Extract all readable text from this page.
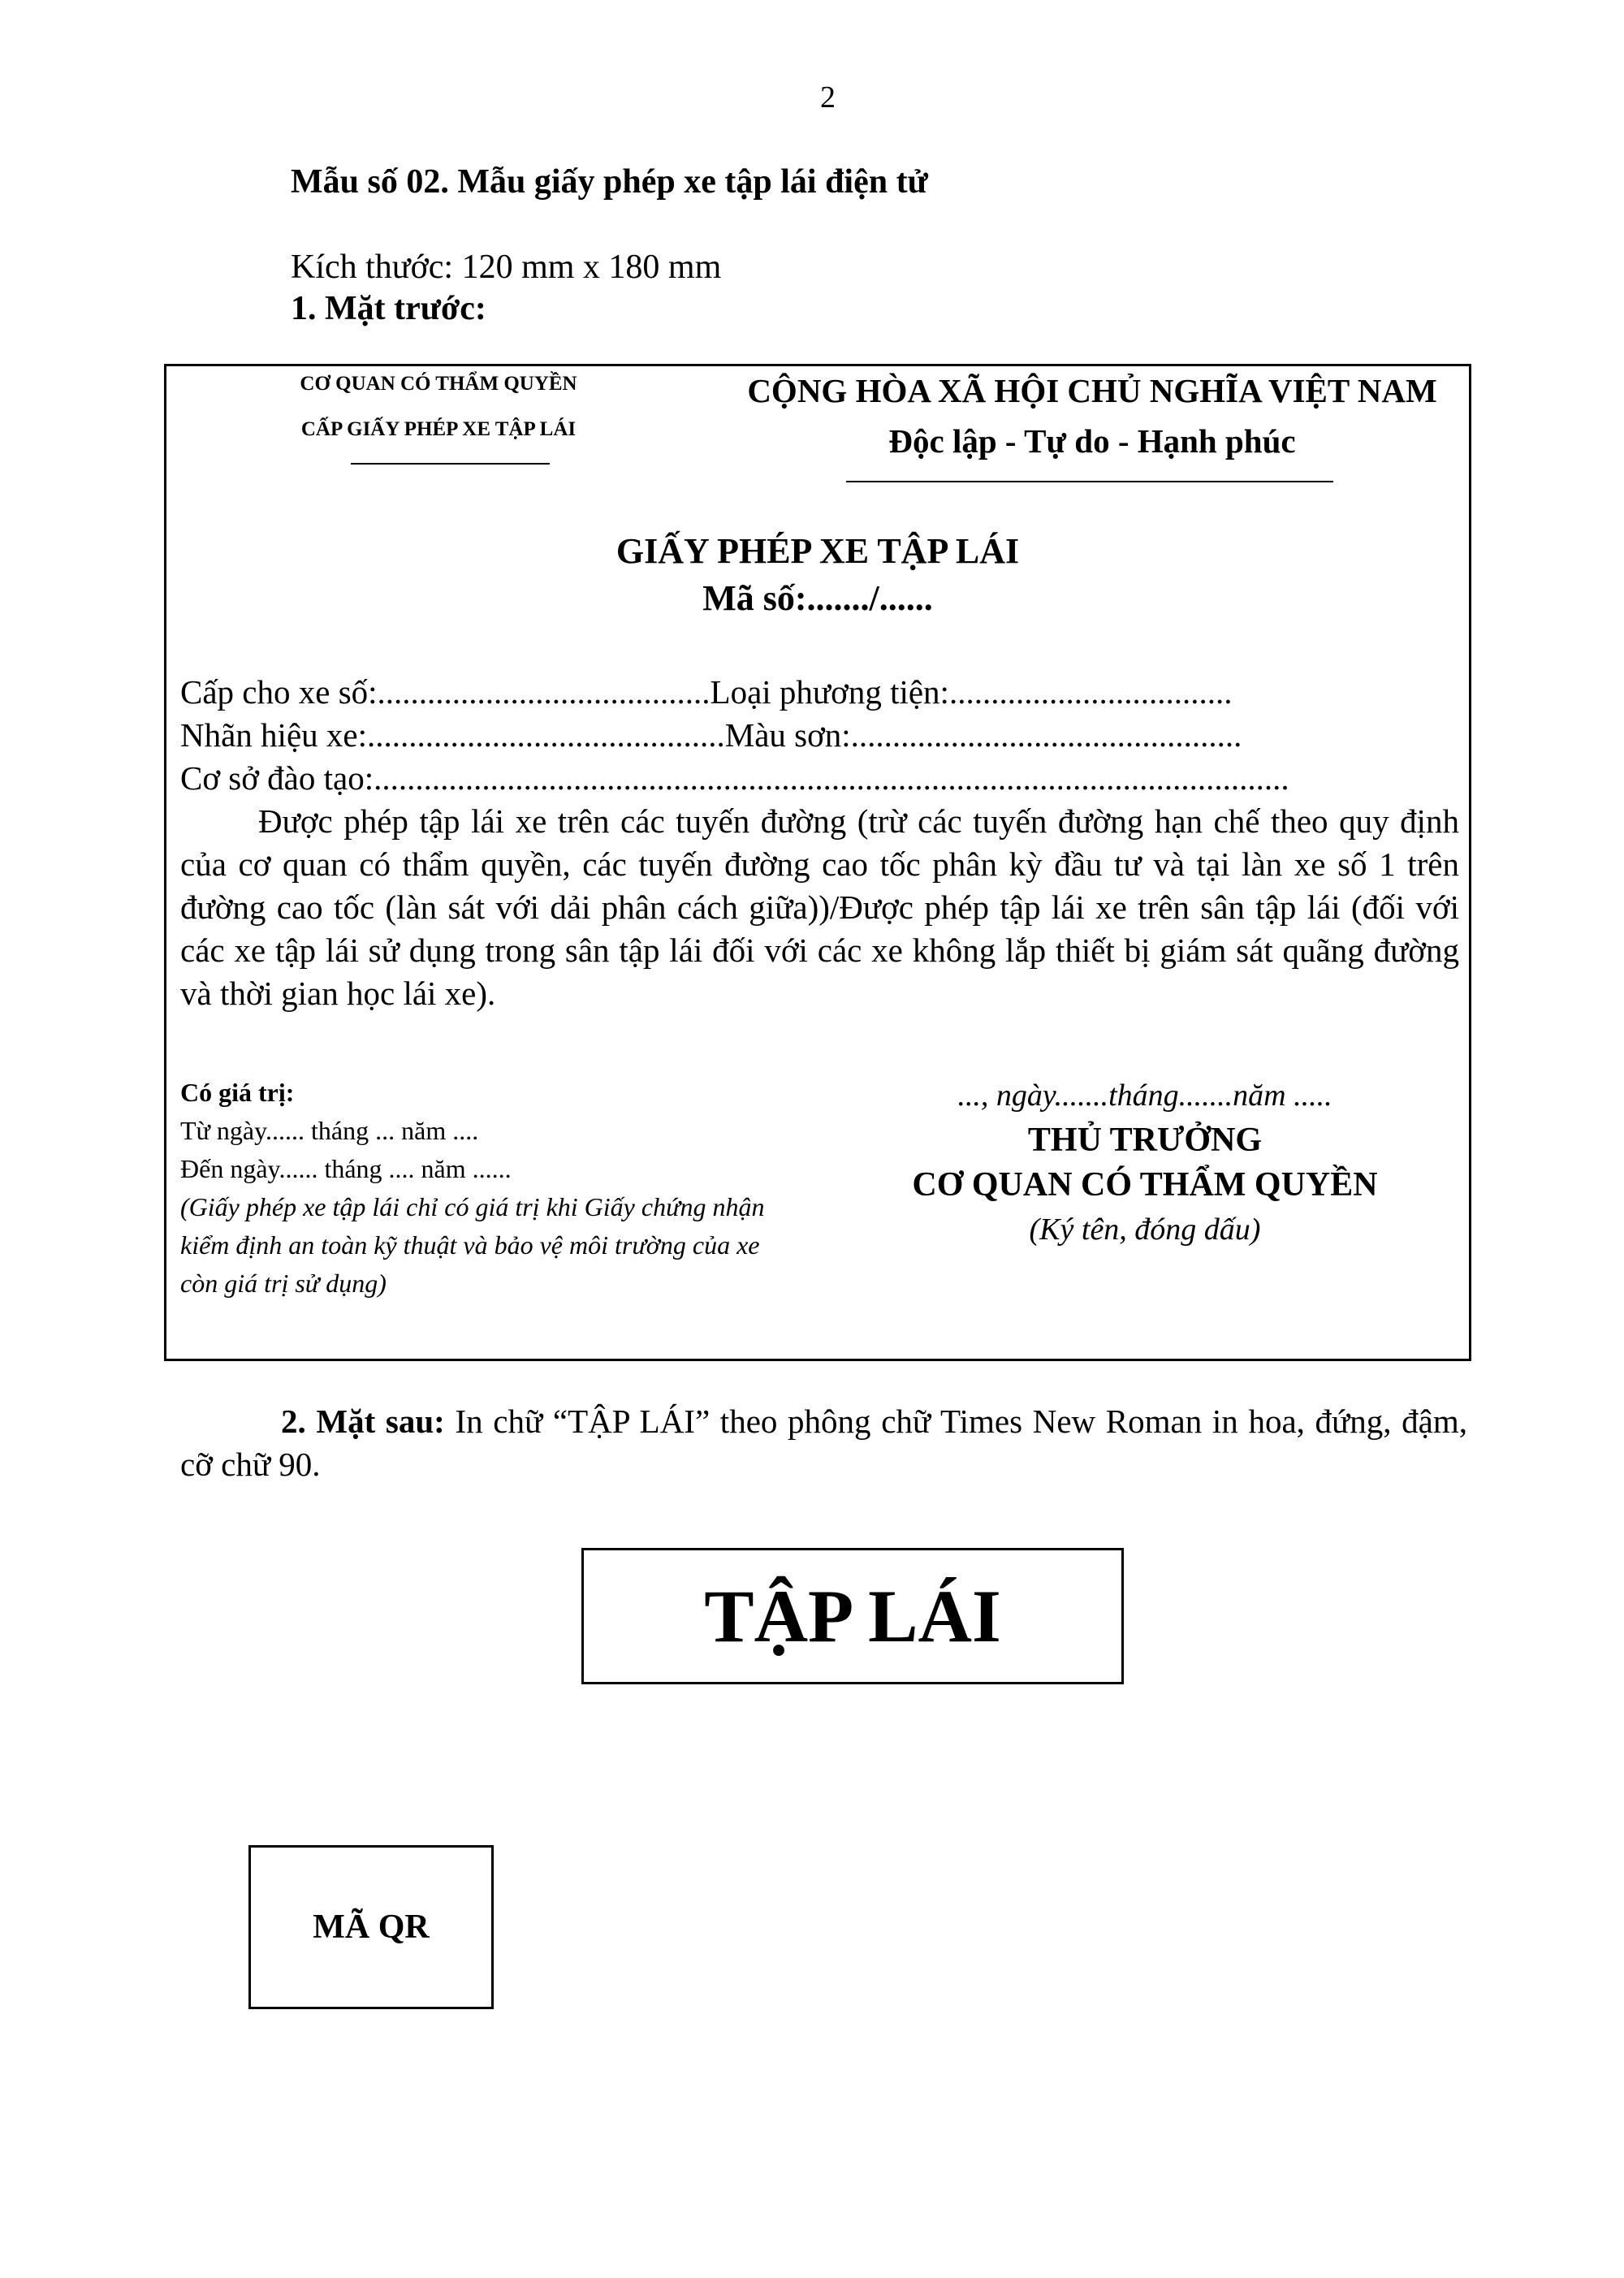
2
Mẫu số 02. Mẫu giấy phép xe tập lái điện tử
Kích thước: 120 mm x 180 mm
1. Mặt trước:
CƠ QUAN CÓ THẨM QUYỀN
CẤP GIẤY PHÉP XE TẬP LÁI
CỘNG HÒA XÃ HỘI CHỦ NGHĨA VIỆT NAM
Độc lập - Tự do - Hạnh phúc
GIẤY PHÉP XE TẬP LÁI
Mã số:......./......
Cấp cho xe số:........................................Loại phương tiện:..................................
Nhãn hiệu xe:...........................................Màu sơn:...............................................
Cơ sở đào tạo:..............................................................................................................
Được phép tập lái xe trên các tuyến đường (trừ các tuyến đường hạn chế theo quy định của cơ quan có thẩm quyền, các tuyến đường cao tốc phân kỳ đầu tư và tại làn xe số 1 trên đường cao tốc (làn sát với dải phân cách giữa))/Được phép tập lái xe trên sân tập lái (đối với các xe tập lái sử dụng trong sân tập lái đối với các xe không lắp thiết bị giám sát quãng đường và thời gian học lái xe).
Có giá trị:
Từ ngày...... tháng ... năm ....
Đến ngày...... tháng .... năm ......
(Giấy phép xe tập lái chỉ có giá trị khi Giấy chứng nhận kiểm định an toàn kỹ thuật và bảo vệ môi trường của xe còn giá trị sử dụng)
..., ngày.......tháng.......năm .....
THỦ TRƯỞNG
CƠ QUAN CÓ THẨM QUYỀN
(Ký tên, đóng dấu)
2. Mặt sau: In chữ “TẬP LÁI” theo phông chữ Times New Roman in hoa, đứng, đậm, cỡ chữ 90.
TẬP LÁI
MÃ QR
